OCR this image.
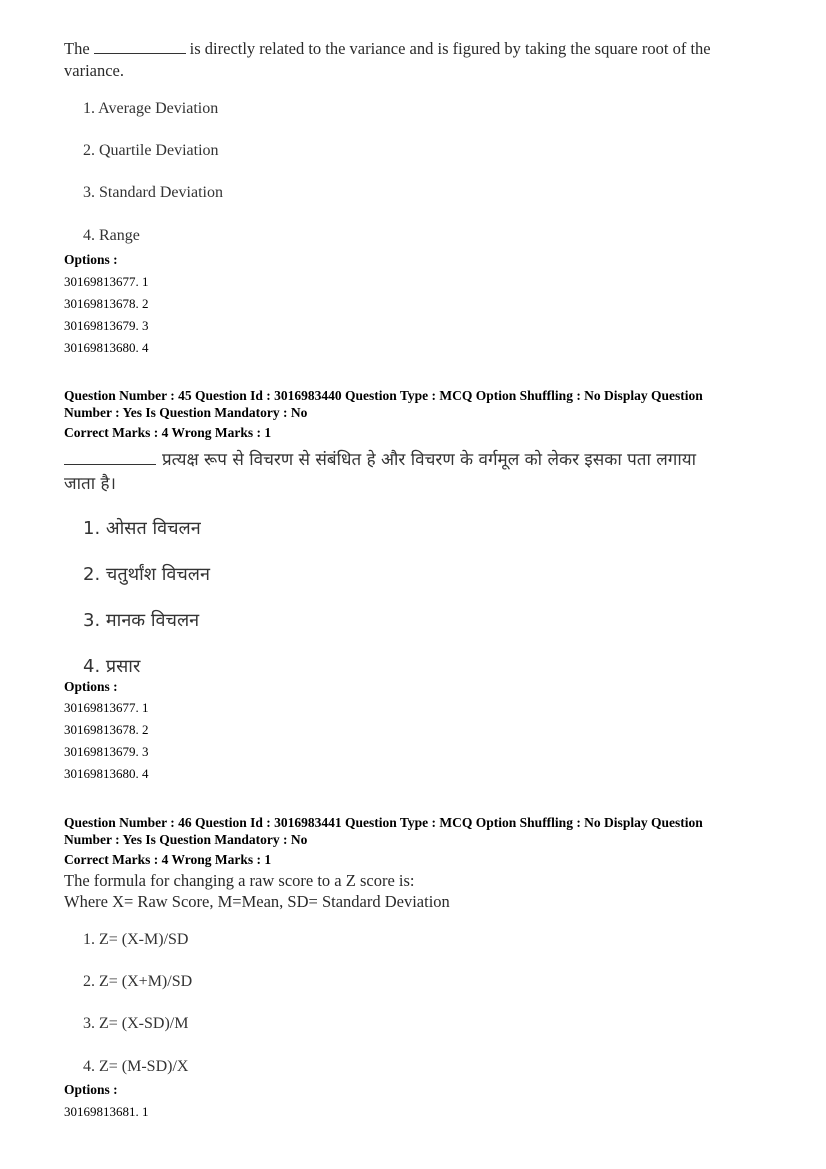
The	is directly related to the variance and is figured by taking the square root of the
variance.
1. Average Deviation
2. Quartile Deviation
3. Standard Deviation
4. Range
Options :
30169813677. 1
30169813678. 2
30169813679. 3
30169813680. 4
Question Number : 45 Question Id : 3016983440 Question Type : MCQ Option Shuffling : No Display Question
Number : Yes Is Question Mandatory : No
Correct Marks : 4 Wrong Marks : 1
प्रत्यक्ष रूप से विचरण से संबंधित हे और विचरण के वर्गमूल को लेकर इसका पता लगाया
जाता है।
1. ओसत विचलन
2. चतुर्थांश विचलन
3. मानक विचलन
4. प्रसार
Options :
30169813677. 1
30169813678. 2
30169813679. 3
30169813680. 4
Question Number : 46 Question Id : 3016983441 Question Type : MCQ Option Shuffling : No Display Question
Number : Yes Is Question Mandatory : No
Correct Marks : 4 Wrong Marks : 1
The formula for changing a raw score to a Z score is:
Where X= Raw Score, M=Mean, SD= Standard Deviation
1. Z= (X-M)/SD
2. Z= (X+M)/SD
3. Z= (X-SD)/M
4. Z= (M-SD)/X
Options :
30169813681. 1
